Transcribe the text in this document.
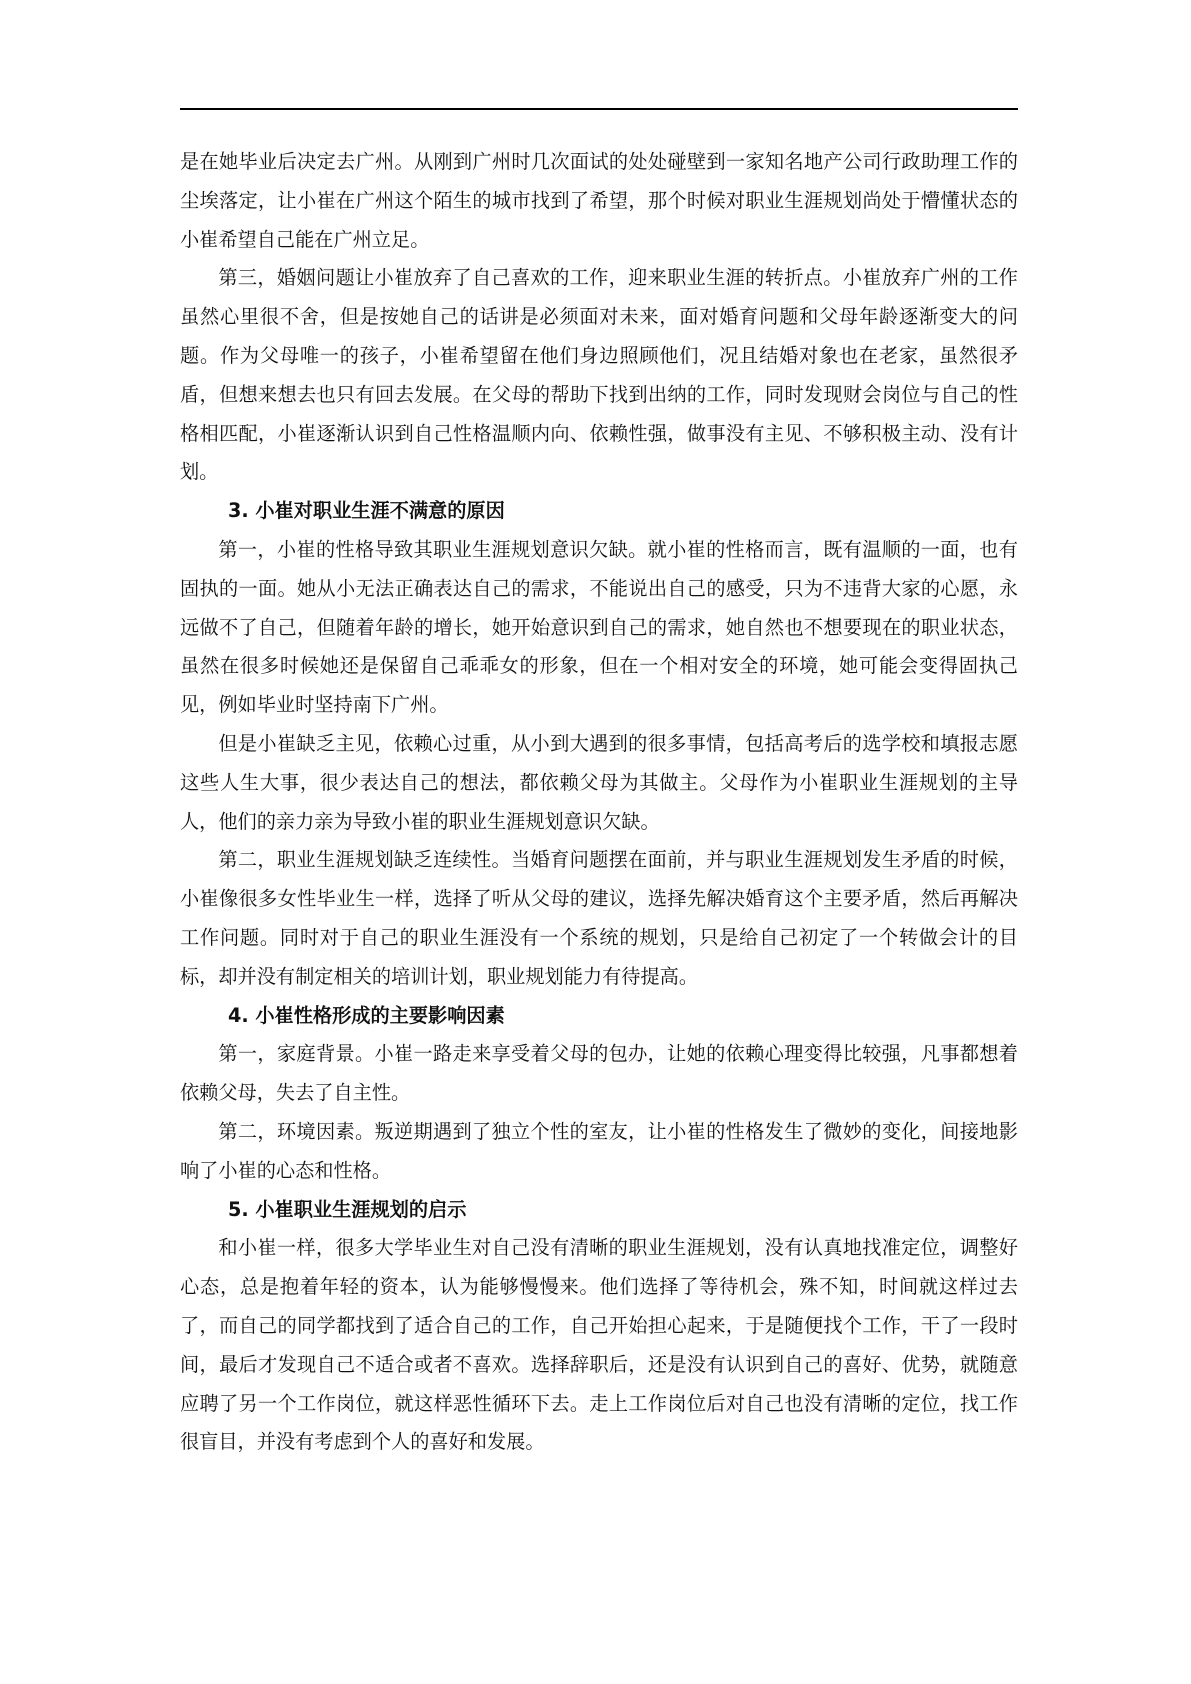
是在她毕业后决定去广州。从刚到广州时几次面试的处处碰壁到一家知名地产公司行政助理工作的尘埃落定，让小崔在广州这个陌生的城市找到了希望，那个时候对职业生涯规划尚处于懵懂状态的小崔希望自己能在广州立足。

第三，婚姻问题让小崔放弃了自己喜欢的工作，迎来职业生涯的转折点。小崔放弃广州的工作虽然心里很不舍，但是按她自己的话讲是必须面对未来，面对婚育问题和父母年龄逐渐变大的问题。作为父母唯一的孩子，小崔希望留在他们身边照顾他们，况且结婚对象也在老家，虽然很矛盾，但想来想去也只有回去发展。在父母的帮助下找到出纳的工作，同时发现财会岗位与自己的性格相匹配，小崔逐渐认识到自己性格温顺内向、依赖性强，做事没有主见、不够积极主动、没有计划。

3. 小崔对职业生涯不满意的原因

第一，小崔的性格导致其职业生涯规划意识欠缺。就小崔的性格而言，既有温顺的一面，也有固执的一面。她从小无法正确表达自己的需求，不能说出自己的感受，只为不违背大家的心愿，永远做不了自己，但随着年龄的增长，她开始意识到自己的需求，她自然也不想要现在的职业状态，虽然在很多时候她还是保留自己乖乖女的形象，但在一个相对安全的环境，她可能会变得固执己见，例如毕业时坚持南下广州。

但是小崔缺乏主见，依赖心过重，从小到大遇到的很多事情，包括高考后的选学校和填报志愿这些人生大事，很少表达自己的想法，都依赖父母为其做主。父母作为小崔职业生涯规划的主导人，他们的亲力亲为导致小崔的职业生涯规划意识欠缺。

第二，职业生涯规划缺乏连续性。当婚育问题摆在面前，并与职业生涯规划发生矛盾的时候，小崔像很多女性毕业生一样，选择了听从父母的建议，选择先解决婚育这个主要矛盾，然后再解决工作问题。同时对于自己的职业生涯没有一个系统的规划，只是给自己初定了一个转做会计的目标，却并没有制定相关的培训计划，职业规划能力有待提高。

4. 小崔性格形成的主要影响因素

第一，家庭背景。小崔一路走来享受着父母的包办，让她的依赖心理变得比较强，凡事都想着依赖父母，失去了自主性。

第二，环境因素。叛逆期遇到了独立个性的室友，让小崔的性格发生了微妙的变化，间接地影响了小崔的心态和性格。

5. 小崔职业生涯规划的启示

和小崔一样，很多大学毕业生对自己没有清晰的职业生涯规划，没有认真地找准定位，调整好心态，总是抱着年轻的资本，认为能够慢慢来。他们选择了等待机会，殊不知，时间就这样过去了，而自己的同学都找到了适合自己的工作，自己开始担心起来，于是随便找个工作，干了一段时间，最后才发现自己不适合或者不喜欢。选择辞职后，还是没有认识到自己的喜好、优势，就随意应聘了另一个工作岗位，就这样恶性循环下去。走上工作岗位后对自己也没有清晰的定位，找工作很盲目，并没有考虑到个人的喜好和发展。
